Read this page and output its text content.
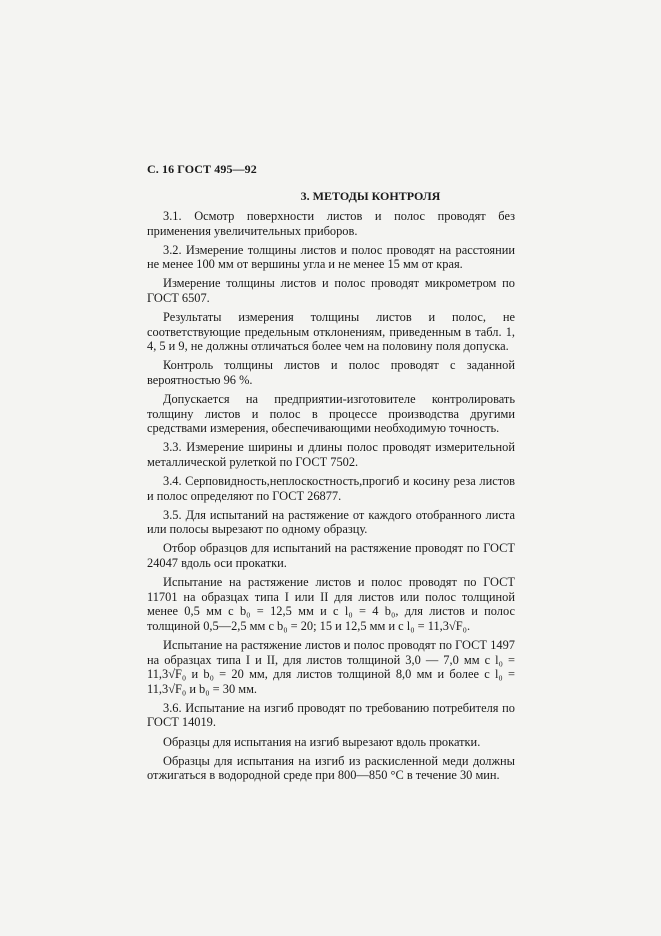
С. 16 ГОСТ 495—92
3. МЕТОДЫ КОНТРОЛЯ

3.1. Осмотр поверхности листов и полос проводят без применения увеличительных приборов.

3.2. Измерение толщины листов и полос проводят на расстоянии не менее 100 мм от вершины угла и не менее 15 мм от края.

Измерение толщины листов и полос проводят микрометром по ГОСТ 6507.

Результаты измерения толщины листов и полос, не соответствующие предельным отклонениям, приведенным в табл. 1, 4, 5 и 9, не должны отличаться более чем на половину поля допуска.

Контроль толщины листов и полос проводят с заданной вероятностью 96 %.

Допускается на предприятии-изготовителе контролировать толщину листов и полос в процессе производства другими средствами измерения, обеспечивающими необходимую точность.

3.3. Измерение ширины и длины полос проводят измерительной металлической рулеткой по ГОСТ 7502.

3.4. Серповидность,неплоскостность,прогиб и косину реза листов и полос определяют по ГОСТ 26877.

3.5. Для испытаний на растяжение от каждого отобранного листа или полосы вырезают по одному образцу.

Отбор образцов для испытаний на растяжение проводят по ГОСТ 24047 вдоль оси прокатки.

Испытание на растяжение листов и полос проводят по ГОСТ 11701 на образцах типа I или II для листов или полос толщиной менее 0,5 мм с b₀ = 12,5 мм и с l₀ = 4 b₀, для листов и полос толщиной 0,5—2,5 мм с b₀ = 20; 15 и 12,5 мм и с l₀ = 11,3√F₀.

Испытание на растяжение листов и полос проводят по ГОСТ 1497 на образцах типа I и II, для листов толщиной 3,0 — 7,0 мм с l₀ = 11,3√F₀ и b₀ = 20 мм, для листов толщиной 8,0 мм и более с l₀ = 11,3√F₀ и b₀ = 30 мм.

3.6. Испытание на изгиб проводят по требованию потребителя по ГОСТ 14019.

Образцы для испытания на изгиб вырезают вдоль прокатки.

Образцы для испытания на изгиб из раскисленной меди должны отжигаться в водородной среде при 800—850 °С в течение 30 мин.
